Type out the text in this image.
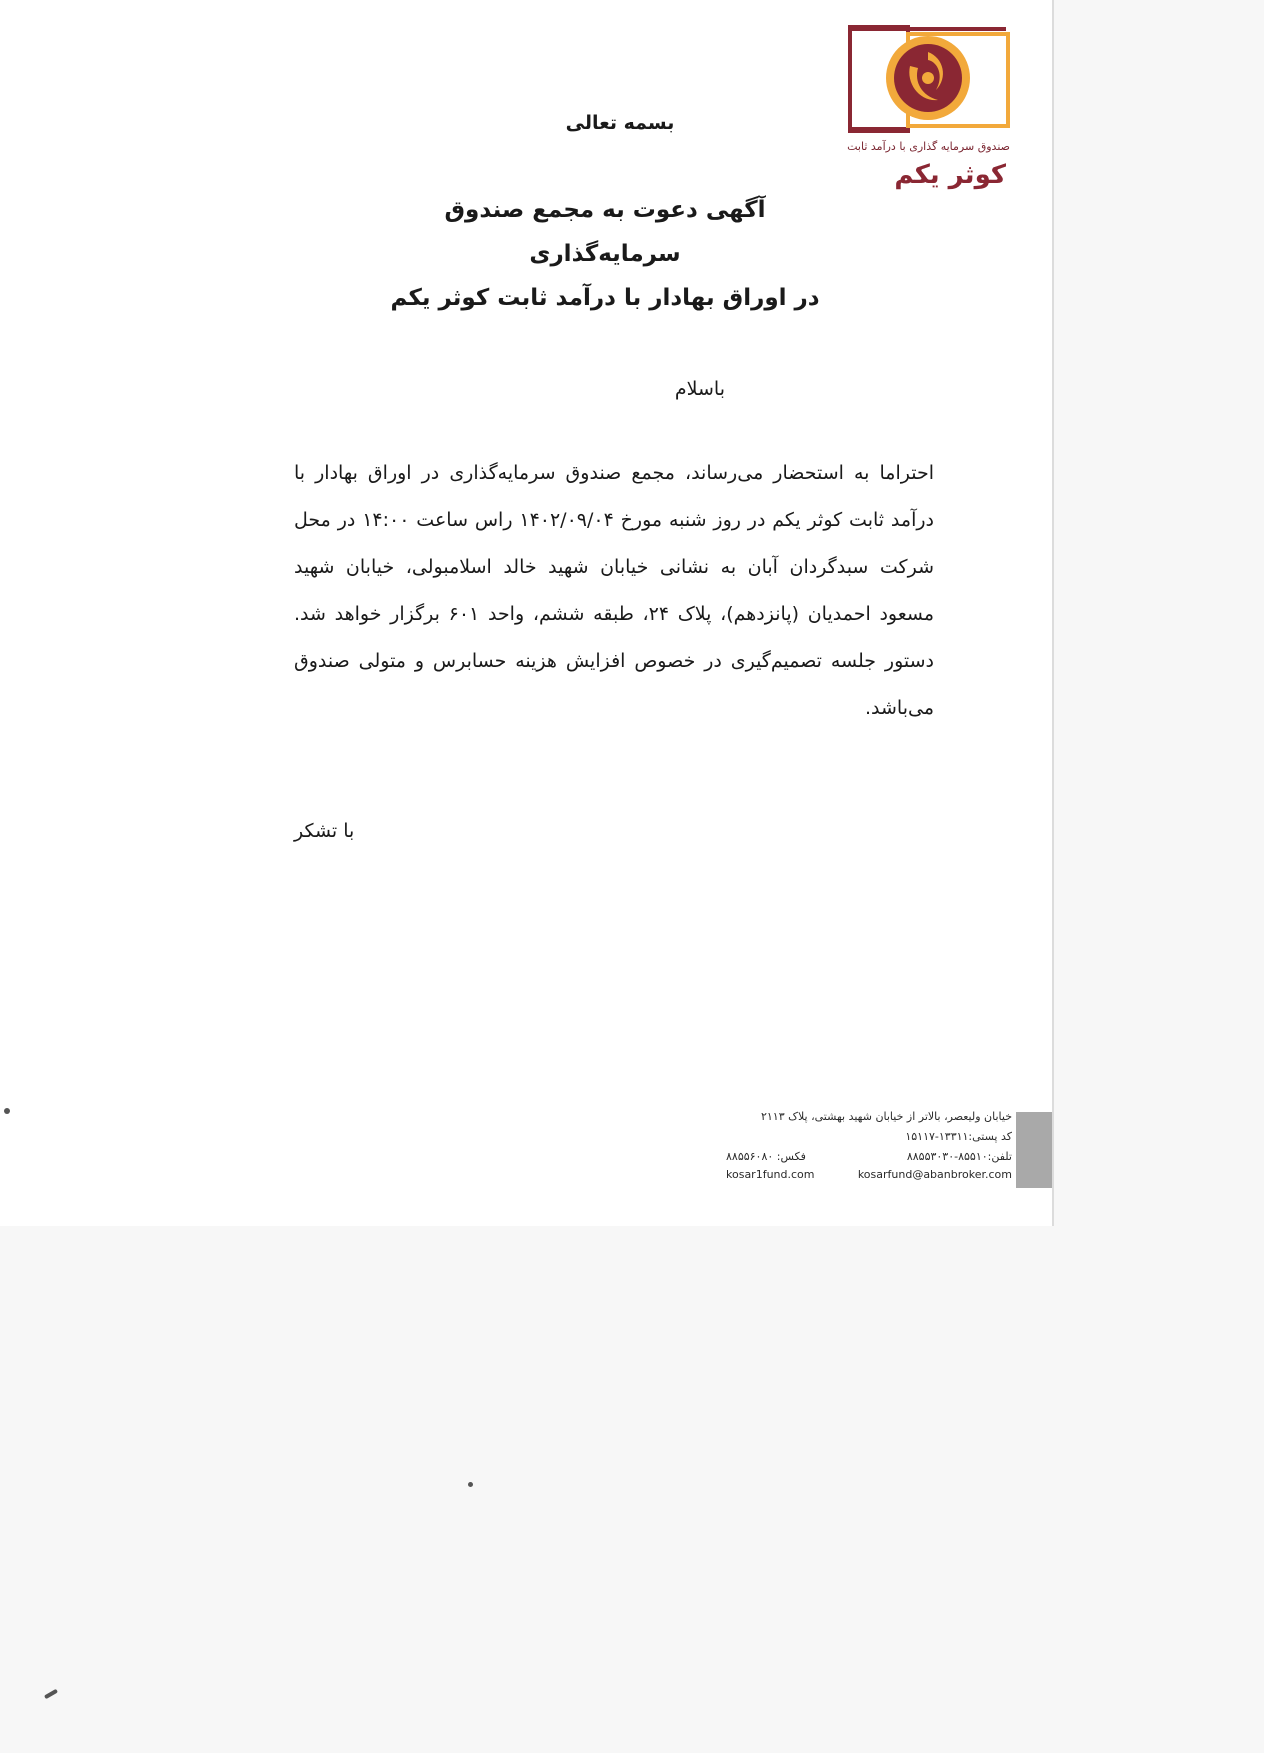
صندوق سرمایه گذاری با درآمد ثابت
کوثر یکم
بسمه تعالی
آگهی دعوت به مجمع صندوق سرمایه‌گذاری
در اوراق بهادار با درآمد ثابت کوثر یکم
باسلام
احتراما به استحضار می‌رساند، مجمع صندوق سرمایه‌گذاری در اوراق بهادار با درآمد ثابت کوثر یکم در روز شنبه مورخ ۱۴۰۲/۰۹/۰۴ راس ساعت ۱۴:۰۰ در محل شرکت سبدگردان آبان به نشانی خیابان شهید خالد اسلامبولی، خیابان شهید مسعود احمدیان (پانزدهم)، پلاک ۲۴، طبقه ششم، واحد ۶۰۱ برگزار خواهد شد. دستور جلسه تصمیم‌گیری در خصوص افزایش هزینه حسابرس و متولی صندوق می‌باشد.
با تشکر
خیابان ولیعصر، بالاتر از خیابان شهید بهشتی، پلاک ۲۱۱۳
کد پستی:۱۳۳۱۱-۱۵۱۱۷
تلفن:۸۵۵۱۰-۸۸۵۵۳۰۳۰
فکس: ۸۸۵۵۶۰۸۰
kosarfund@abanbroker.com
kosar1fund.com
